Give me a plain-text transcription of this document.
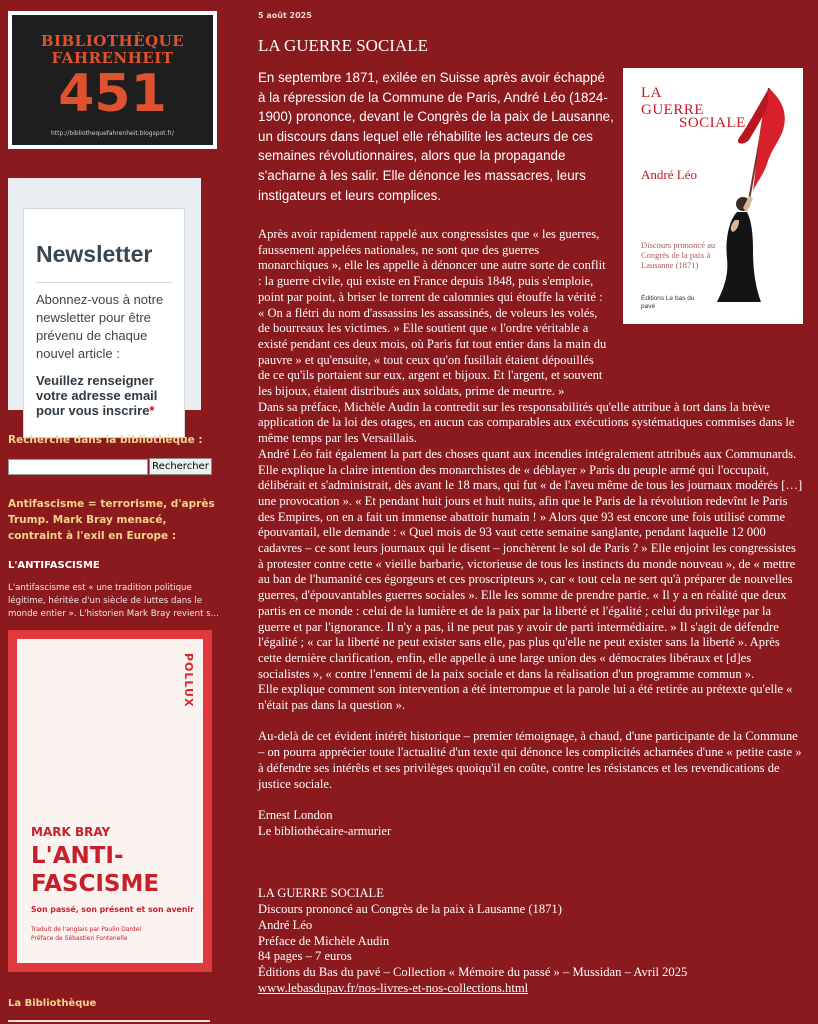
BIBLIOTHÈQUE
FAHRENHEIT
451
http://bibliothequefahrenheit.blogspot.fr/
Newsletter
Abonnez-vous à notre newsletter pour être prévenu de chaque nouvel article :
Veuillez renseigner votre adresse email pour vous inscrire*
Recherche dans la bibliothèque :
Rechercher
Antifascisme = terrorisme, d'après Trump. Mark Bray menacé, contraint à l'exil en Europe :
L'ANTIFASCISME
L'antifascisme est « une tradition politique légitime, héritée d'un siècle de luttes dans le monde entier ». L'historien Mark Bray revient s...
POLLUX
MARK BRAY
L'ANTI-
FASCISME
Son passé, son présent et son avenir
Traduit de l'anglais par Paulin Dardel
Préface de Sébastien Fontenelle
La Bibliothèque
5 août 2025
LA GUERRE SOCIALE

En septembre 1871, exilée en Suisse après avoir échappé à la répression de la Commune de Paris, André Léo (1824-1900) prononce, devant le Congrès de la paix de Lausanne, un discours dans lequel elle réhabilite les acteurs de ces semaines révolutionnaires, alors que la propagande s'acharne à les salir. Elle dénonce les massacres, leurs instigateurs et leurs complices.

LA
GUERRE
SOCIALE
André Léo
Discours prononcé au Congrès de la paix à Lausanne (1871)
Éditions Le bas du pavé

Après avoir rapidement rappelé aux congressistes que « les guerres, faussement appelées nationales, ne sont que des guerres monarchiques », elle les appelle à dénoncer une autre sorte de conflit : la guerre civile, qui existe en France depuis 1848, puis s'emploie, point par point, à briser le torrent de calomnies qui étouffe la vérité : « On a flétri du nom d'assassins les assassinés, de voleurs les volés, de bourreaux les victimes. » Elle soutient que « l'ordre véritable a existé pendant ces deux mois, où Paris fut tout entier dans la main du pauvre » et qu'ensuite, « tout ceux qu'on fusillait étaient dépouillés de ce qu'ils portaient sur eux, argent et bijoux. Et l'argent, et souvent les bijoux, étaient distribués aux soldats, prime de meurtre. »

Dans sa préface, Michèle Audin la contredit sur les responsabilités qu'elle attribue à tort dans la brève application de la loi des otages, en aucun cas comparables aux exécutions systématiques commises dans le même temps par les Versaillais.

André Léo fait également la part des choses quant aux incendies intégralement attribués aux Communards. Elle explique la claire intention des monarchistes de « déblayer » Paris du peuple armé qui l'occupait, délibérait et s'administrait, dès avant le 18 mars, qui fut « de l'aveu même de tous les journaux modérés […] une provocation ». « Et pendant huit jours et huit nuits, afin que le Paris de la révolution redevînt le Paris des Empires, on en a fait un immense abattoir humain ! » Alors que 93 est encore une fois utilisé comme épouvantail, elle demande : « Quel mois de 93 vaut cette semaine sanglante, pendant laquelle 12 000 cadavres – ce sont leurs journaux qui le disent – jonchèrent le sol de Paris ? » Elle enjoint les congressistes à protester contre cette « vieille barbarie, victorieuse de tous les instincts du monde nouveau », de « mettre au ban de l'humanité ces égorgeurs et ces proscripteurs », car « tout cela ne sert qu'à préparer de nouvelles guerres, d'épouvantables guerres sociales ». Elle les somme de prendre partie. « Il y a en réalité que deux partis en ce monde : celui de la lumière et de la paix par la liberté et l'égalité ; celui du privilège par la guerre et par l'ignorance. Il n'y a pas, il ne peut pas y avoir de parti intermédiaire. » Il s'agit de défendre l'égalité ; « car la liberté ne peut exister sans elle, pas plus qu'elle ne peut exister sans la liberté ». Après cette dernière clarification, enfin, elle appelle à une large union des « démocrates libéraux et [d]es socialistes », « contre l'ennemi de la paix sociale et dans la réalisation d'un programme commun ».

Elle explique comment son intervention a été interrompue et la parole lui a été retirée au prétexte qu'elle « n'était pas dans la question ».

Au-delà de cet évident intérêt historique – premier témoignage, à chaud, d'une participante de la Commune – on pourra apprécier toute l'actualité d'un texte qui dénonce les complicités acharnées d'une « petite caste » à défendre ses intérêts et ses privilèges quoiqu'il en coûte, contre les résistances et les revendications de justice sociale.

Ernest London

Le bibliothécaire-armurier

LA GUERRE SOCIALE

Discours prononcé au Congrès de la paix à Lausanne (1871)

André Léo

Préface de Michèle Audin

84 pages – 7 euros

Éditions du Bas du pavé – Collection « Mémoire du passé » – Mussidan – Avril 2025

www.lebasdupav.fr/nos-livres-et-nos-collections.html
